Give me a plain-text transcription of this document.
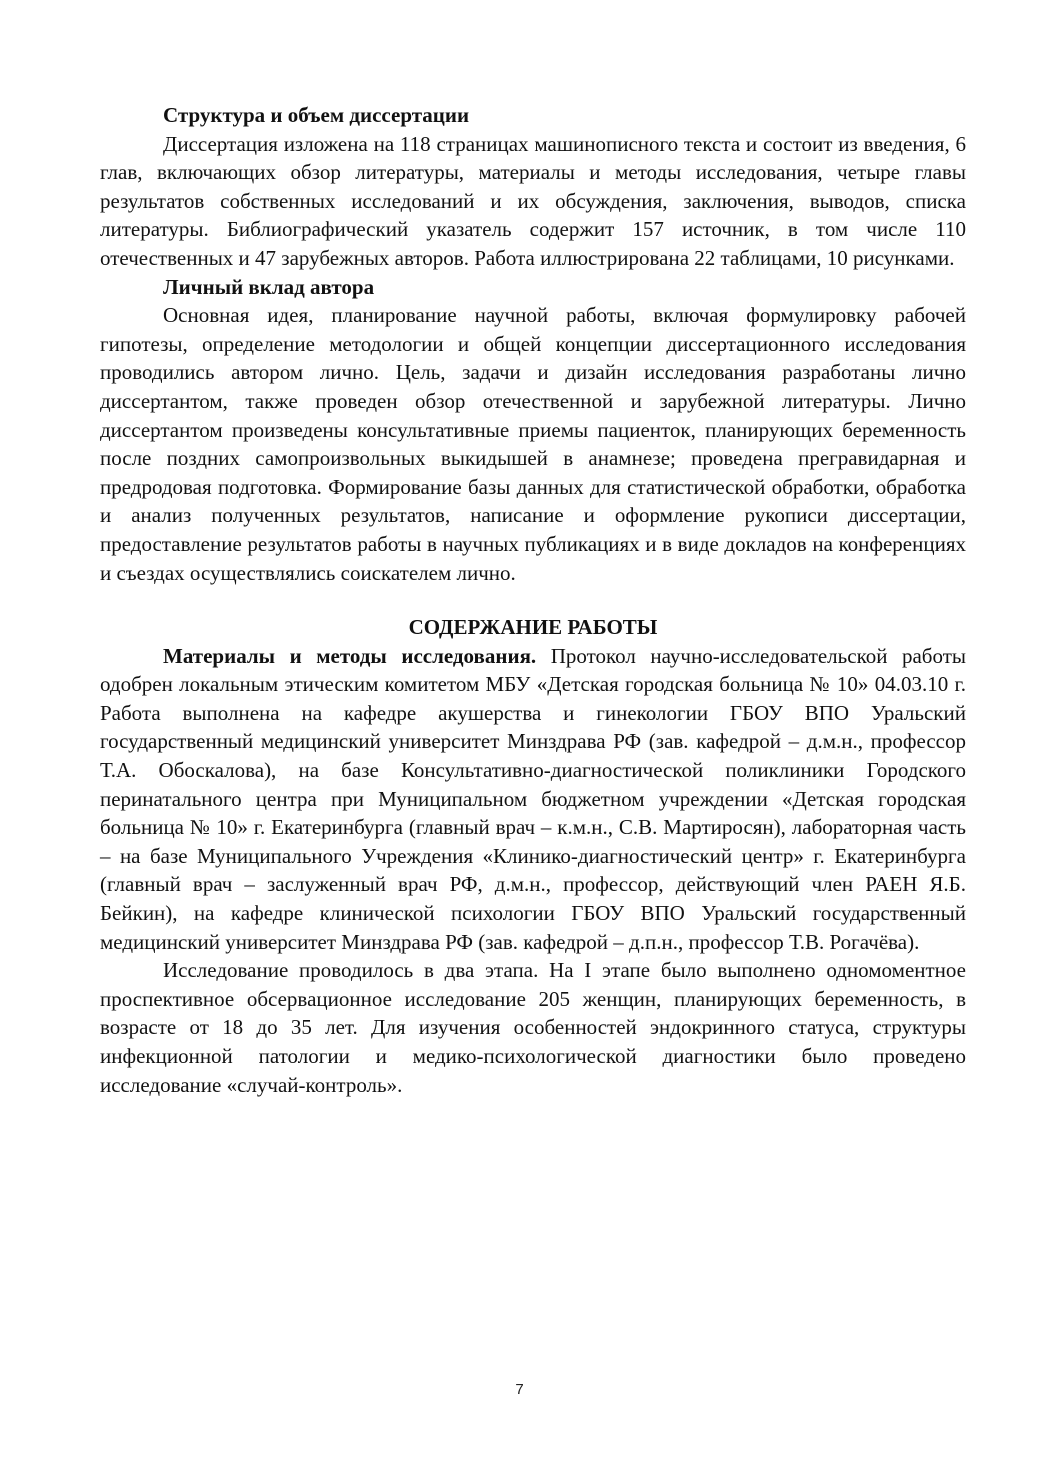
Структура и объем диссертации

Диссертация изложена на 118 страницах машинописного текста и состоит из введения, 6 глав, включающих обзор литературы, материалы и методы исследования, четыре главы результатов собственных исследований и их обсуждения, заключения, выводов, списка литературы. Библиографический указатель содержит 157 источник, в том числе 110 отечественных и 47 зарубежных авторов. Работа иллюстрирована 22 таблицами, 10 рисунками.

Личный вклад автора

Основная идея, планирование научной работы, включая формулировку рабочей гипотезы, определение методологии и общей концепции диссертационного исследования проводились автором лично. Цель, задачи и дизайн исследования разработаны лично диссертантом, также проведен обзор отечественной и зарубежной литературы. Лично диссертантом произведены консультативные приемы пациенток, планирующих беременность после поздних самопроизвольных выкидышей в анамнезе; проведена прегравидарная и предродовая подготовка. Формирование базы данных для статистической обработки, обработка и анализ полученных результатов, написание и оформление рукописи диссертации, предоставление результатов работы в научных публикациях и в виде докладов на конференциях и съездах осуществлялись соискателем лично.

СОДЕРЖАНИЕ РАБОТЫ

Материалы и методы исследования. Протокол научно-исследовательской работы одобрен локальным этическим комитетом МБУ «Детская городская больница № 10» 04.03.10 г. Работа выполнена на кафедре акушерства и гинекологии ГБОУ ВПО Уральский государственный медицинский университет Минздрава РФ (зав. кафедрой – д.м.н., профессор Т.А. Обоскалова), на базе Консультативно-диагностической поликлиники Городского перинатального центра при Муниципальном бюджетном учреждении «Детская городская больница № 10» г. Екатеринбурга (главный врач – к.м.н., С.В. Мартиросян), лабораторная часть – на базе Муниципального Учреждения «Клинико-диагностический центр» г. Екатеринбурга (главный врач – заслуженный врач РФ, д.м.н., профессор, действующий член РАЕН Я.Б. Бейкин), на кафедре клинической психологии ГБОУ ВПО Уральский государственный медицинский университет Минздрава РФ (зав. кафедрой – д.п.н., профессор Т.В. Рогачёва).

Исследование проводилось в два этапа. На I этапе было выполнено одномоментное проспективное обсервационное исследование 205 женщин, планирующих беременность, в возрасте от 18 до 35 лет. Для изучения особенностей эндокринного статуса, структуры инфекционной патологии и медико-психологической диагностики было проведено исследование «случай-контроль».

7
